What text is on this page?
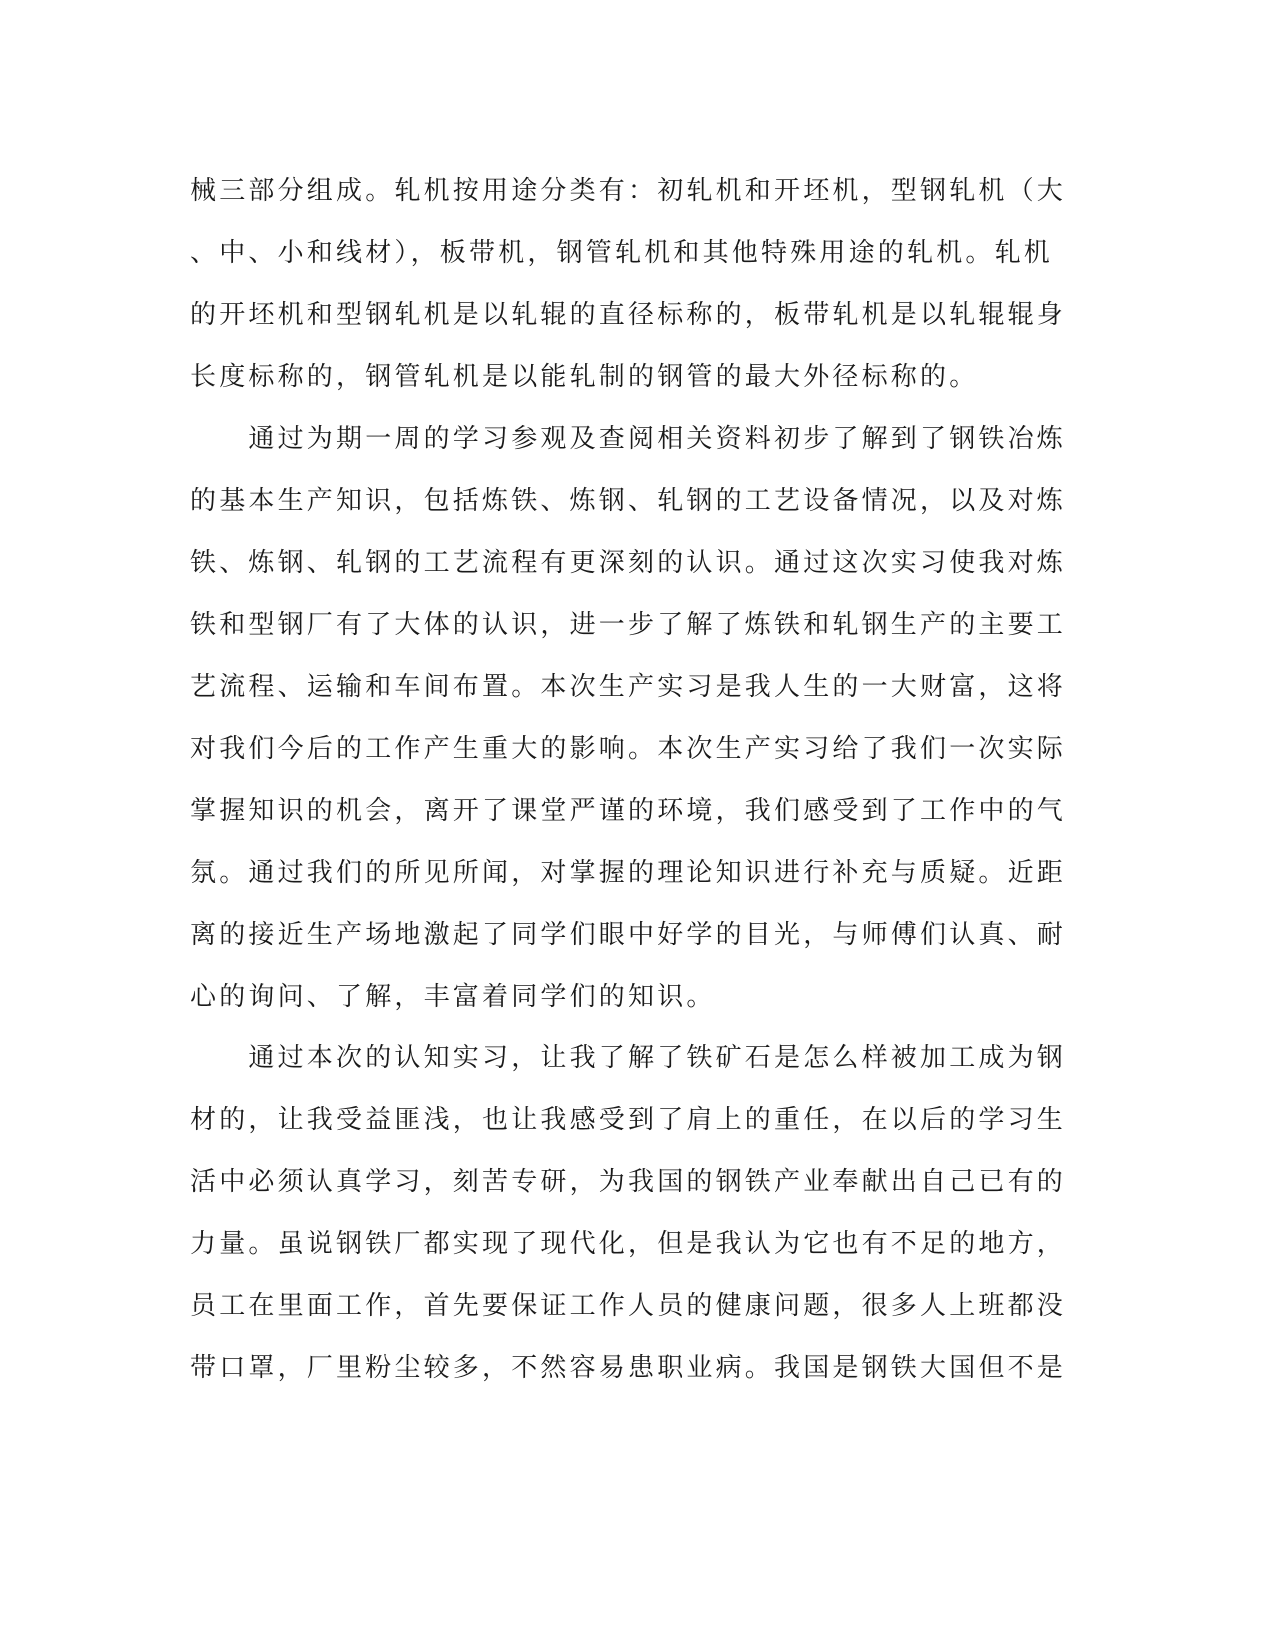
械三部分组成。轧机按用途分类有：初轧机和开坯机，型钢轧机（大
、中、小和线材），板带机，钢管轧机和其他特殊用途的轧机。轧机
的开坯机和型钢轧机是以轧辊的直径标称的，板带轧机是以轧辊辊身
长度标称的，钢管轧机是以能轧制的钢管的最大外径标称的。
　　通过为期一周的学习参观及查阅相关资料初步了解到了钢铁冶炼
的基本生产知识，包括炼铁、炼钢、轧钢的工艺设备情况，以及对炼
铁、炼钢、轧钢的工艺流程有更深刻的认识。通过这次实习使我对炼
铁和型钢厂有了大体的认识，进一步了解了炼铁和轧钢生产的主要工
艺流程、运输和车间布置。本次生产实习是我人生的一大财富，这将
对我们今后的工作产生重大的影响。本次生产实习给了我们一次实际
掌握知识的机会，离开了课堂严谨的环境，我们感受到了工作中的气
氛。通过我们的所见所闻，对掌握的理论知识进行补充与质疑。近距
离的接近生产场地激起了同学们眼中好学的目光，与师傅们认真、耐
心的询问、了解，丰富着同学们的知识。
　　通过本次的认知实习，让我了解了铁矿石是怎么样被加工成为钢
材的，让我受益匪浅，也让我感受到了肩上的重任，在以后的学习生
活中必须认真学习，刻苦专研，为我国的钢铁产业奉献出自己已有的
力量。虽说钢铁厂都实现了现代化，但是我认为它也有不足的地方，
员工在里面工作，首先要保证工作人员的健康问题，很多人上班都没
带口罩，厂里粉尘较多，不然容易患职业病。我国是钢铁大国但不是
